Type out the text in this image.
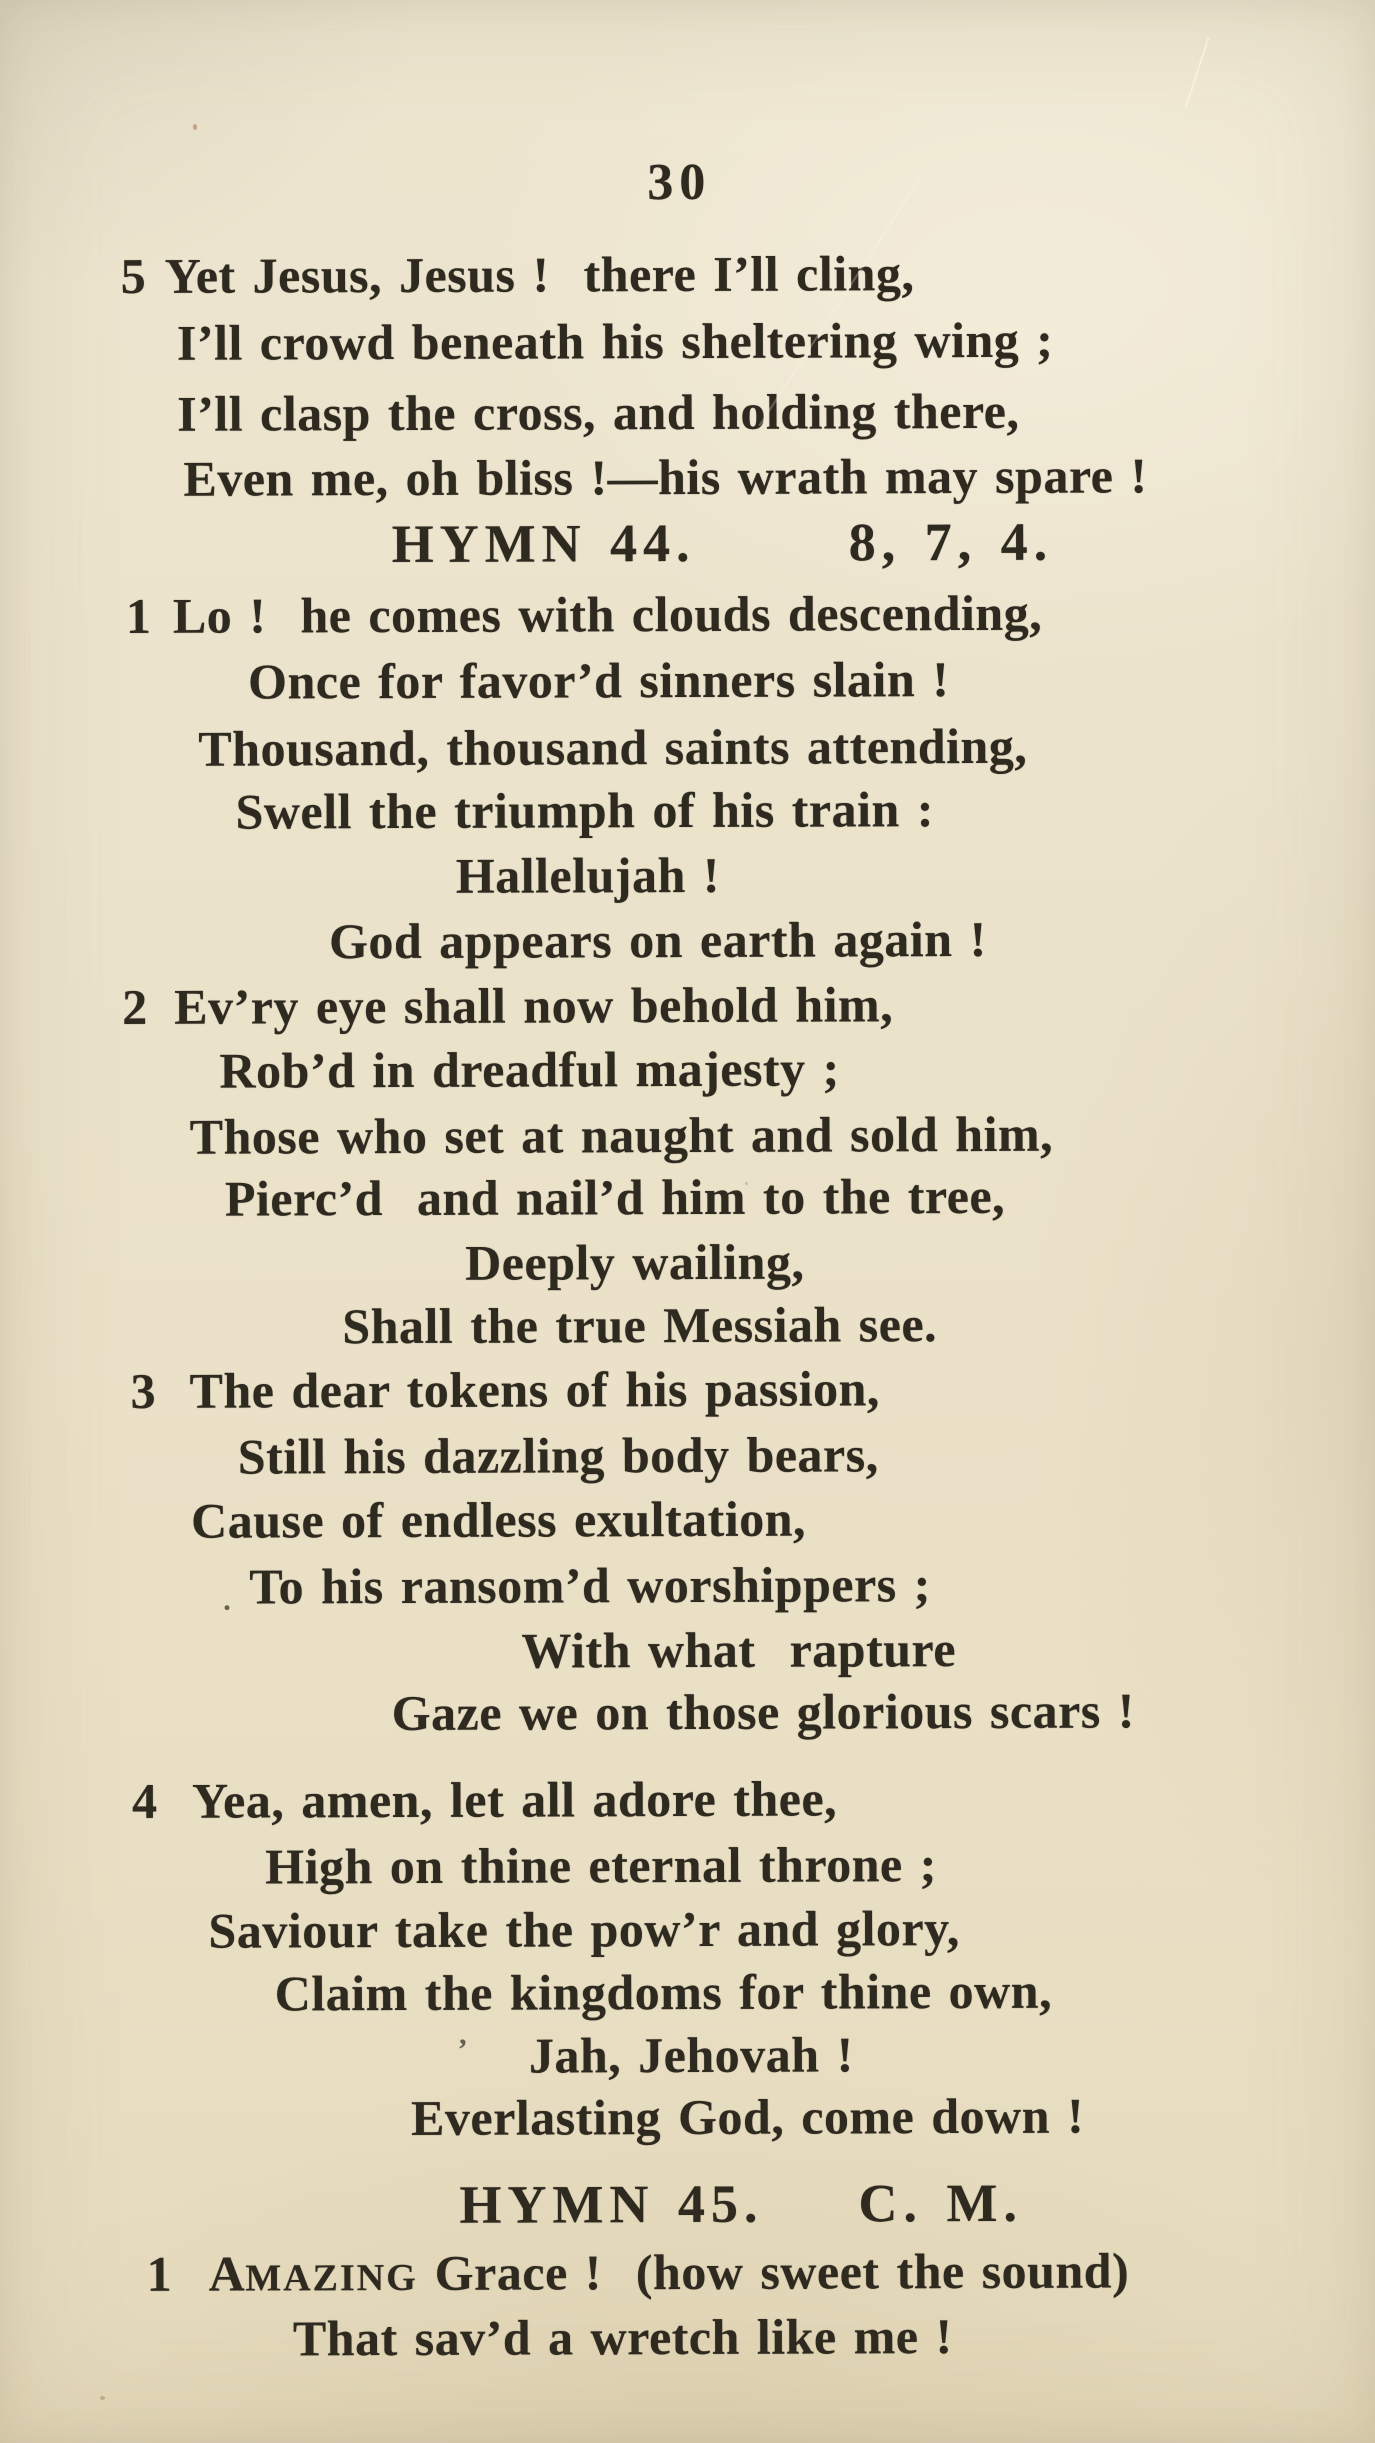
30
5 Yet Jesus, Jesus !  there I’ll cling,
I’ll crowd beneath his sheltering wing ;
I’ll clasp the cross, and holding there,
Even me, oh bliss !—his wrath may spare !
HYMN 44.	8, 7, 4.
1 Lo !  he comes with clouds descending,
Once for favor’d sinners slain !
Thousand, thousand saints attending,
Swell the triumph of his train :
Hallelujah !
God appears on earth again !
2 Ev’ry eye shall now behold him,
Rob’d in dreadful majesty ;
Those who set at naught and sold him,
Pierc’d  and nail’d him to the tree,
Deeply wailing,
Shall the true Messiah see.
3 The dear tokens of his passion,
Still his dazzling body bears,
Cause of endless exultation,
. To his ransom’d worshippers ;
With what  rapture
Gaze we on those glorious scars !
4 Yea, amen, let all adore thee,
High on thine eternal throne ;
Saviour take the pow’r and glory,
Claim the kingdoms for thine own,
’ Jah, Jehovah !
Everlasting God, come down !
HYMN 45. C. M.
1 AMAZING Grace !  (how sweet the sound)
That sav’d a wretch like me !
